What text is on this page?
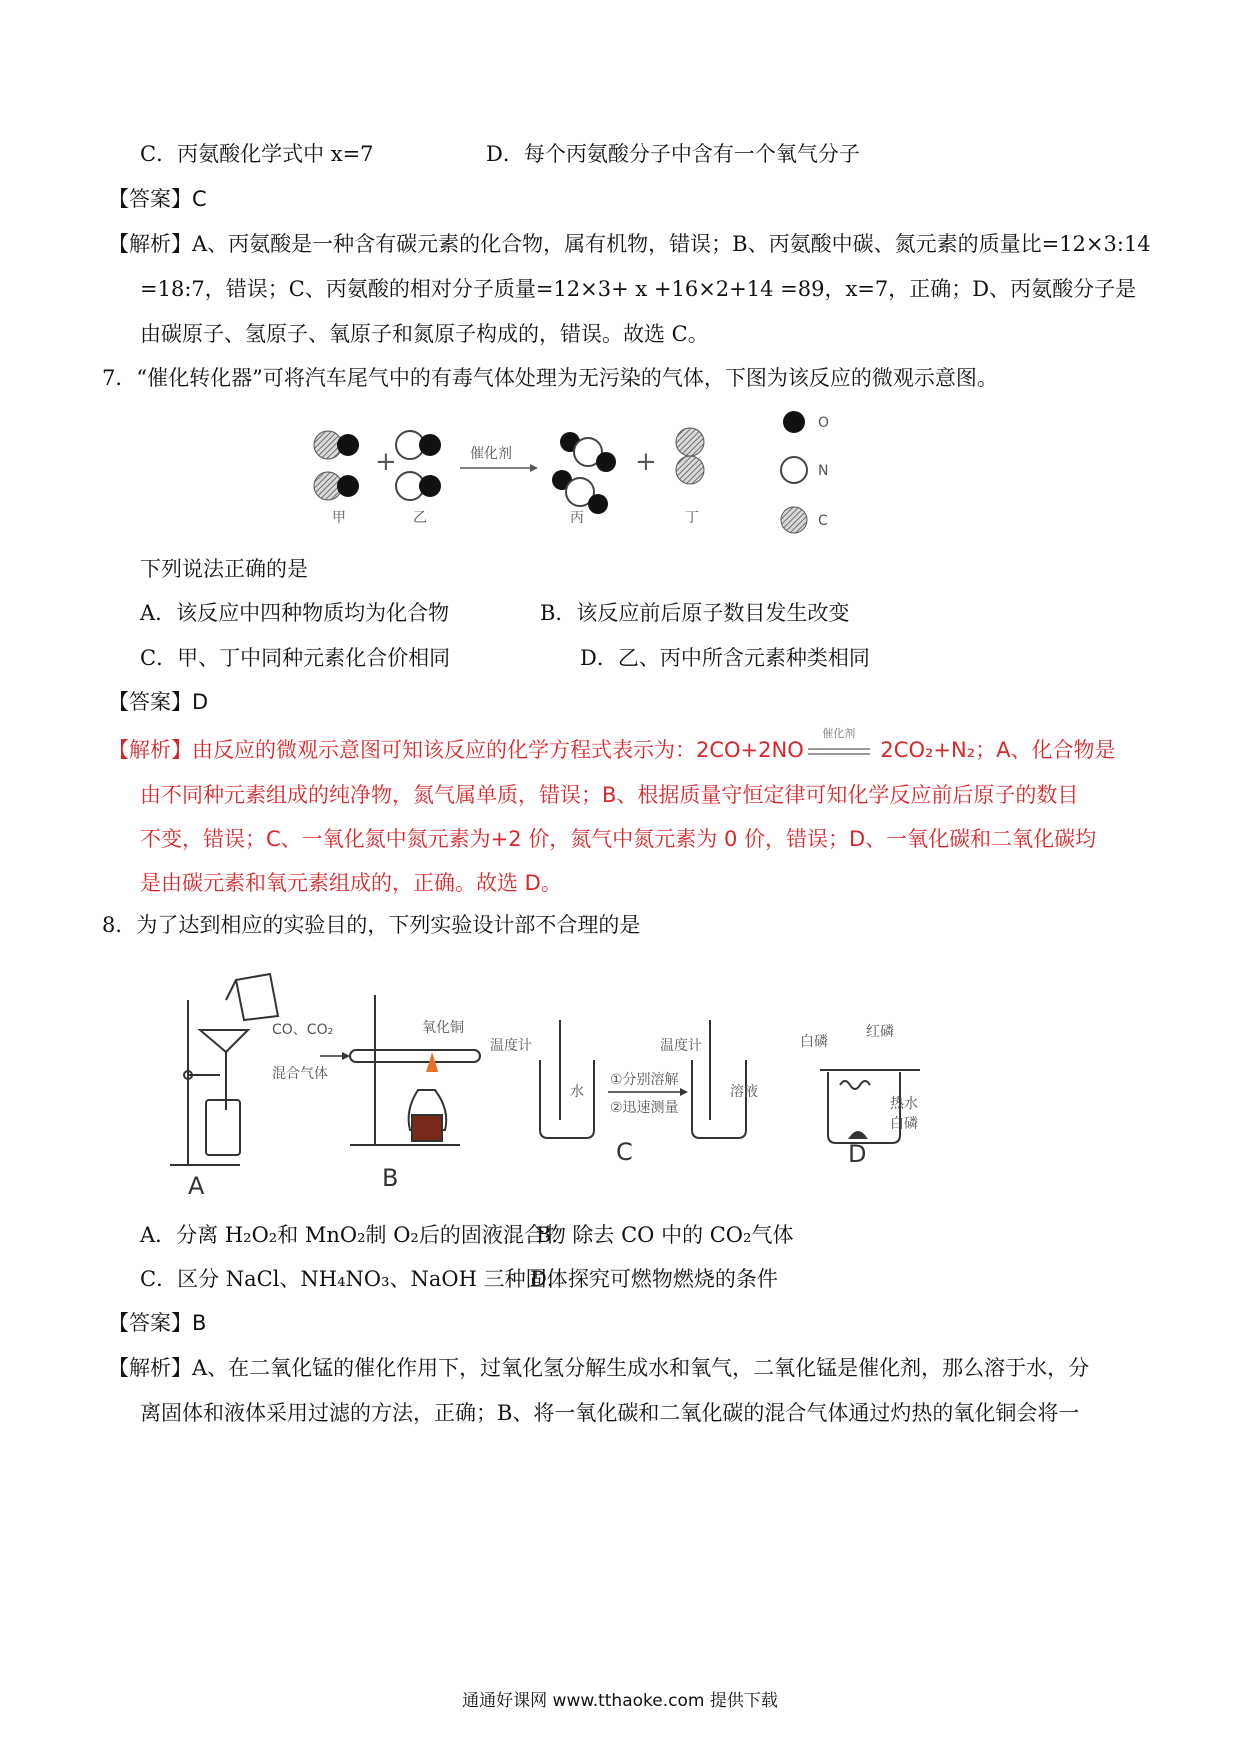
C．丙氨酸化学式中 x=7	D．每个丙氨酸分子中含有一个氧气分子
【答案】C
【解析】A、丙氨酸是一种含有碳元素的化合物，属有机物，错误；B、丙氨酸中碳、氮元素的质量比=12×3:14
=18:7，错误；C、丙氨酸的相对分子质量=12×3+ x +16×2+14 =89，x=7，正确；D、丙氨酸分子是
由碳原子、氢原子、氧原子和氮原子构成的，错误。故选 C。
7．“催化转化器”可将汽车尾气中的有毒气体处理为无污染的气体，下图为该反应的微观示意图。
+	催化剂	+
甲	乙	丙	丁
O
N
C
下列说法正确的是
A．该反应中四种物质均为化合物	B．该反应前后原子数目发生改变
C．甲、丁中同种元素化合价相同	D．乙、丙中所含元素种类相同
【答案】D
【解析】由反应的微观示意图可知该反应的化学方程式表示为：2CO+2NO
催化剂
2CO₂+N₂；A、化合物是
由不同种元素组成的纯净物，氮气属单质，错误；B、根据质量守恒定律可知化学反应前后原子的数目
不变，错误；C、一氧化氮中氮元素为+2 价，氮气中氮元素为 0 价，错误；D、一氧化碳和二氧化碳均
是由碳元素和氧元素组成的，正确。故选 D。
8．为了达到相应的实验目的，下列实验设计部不合理的是
A
CO、CO₂
混合气体
氧化铜
B
温度计
水
①分别溶解
②迅速测量
温度计
溶液
C
白磷
红磷
热水
白磷
D
A．分离 H₂O₂和 MnO₂制 O₂后的固液混合物
B．除去 CO 中的 CO₂气体
C．区分 NaCl、NH₄NO₃、NaOH 三种固体
D．探究可燃物燃烧的条件
【答案】B
【解析】A、在二氧化锰的催化作用下，过氧化氢分解生成水和氧气，二氧化锰是催化剂，那么溶于水，分
离固体和液体采用过滤的方法，正确；B、将一氧化碳和二氧化碳的混合气体通过灼热的氧化铜会将一
通通好课网 www.tthaoke.com 提供下载
